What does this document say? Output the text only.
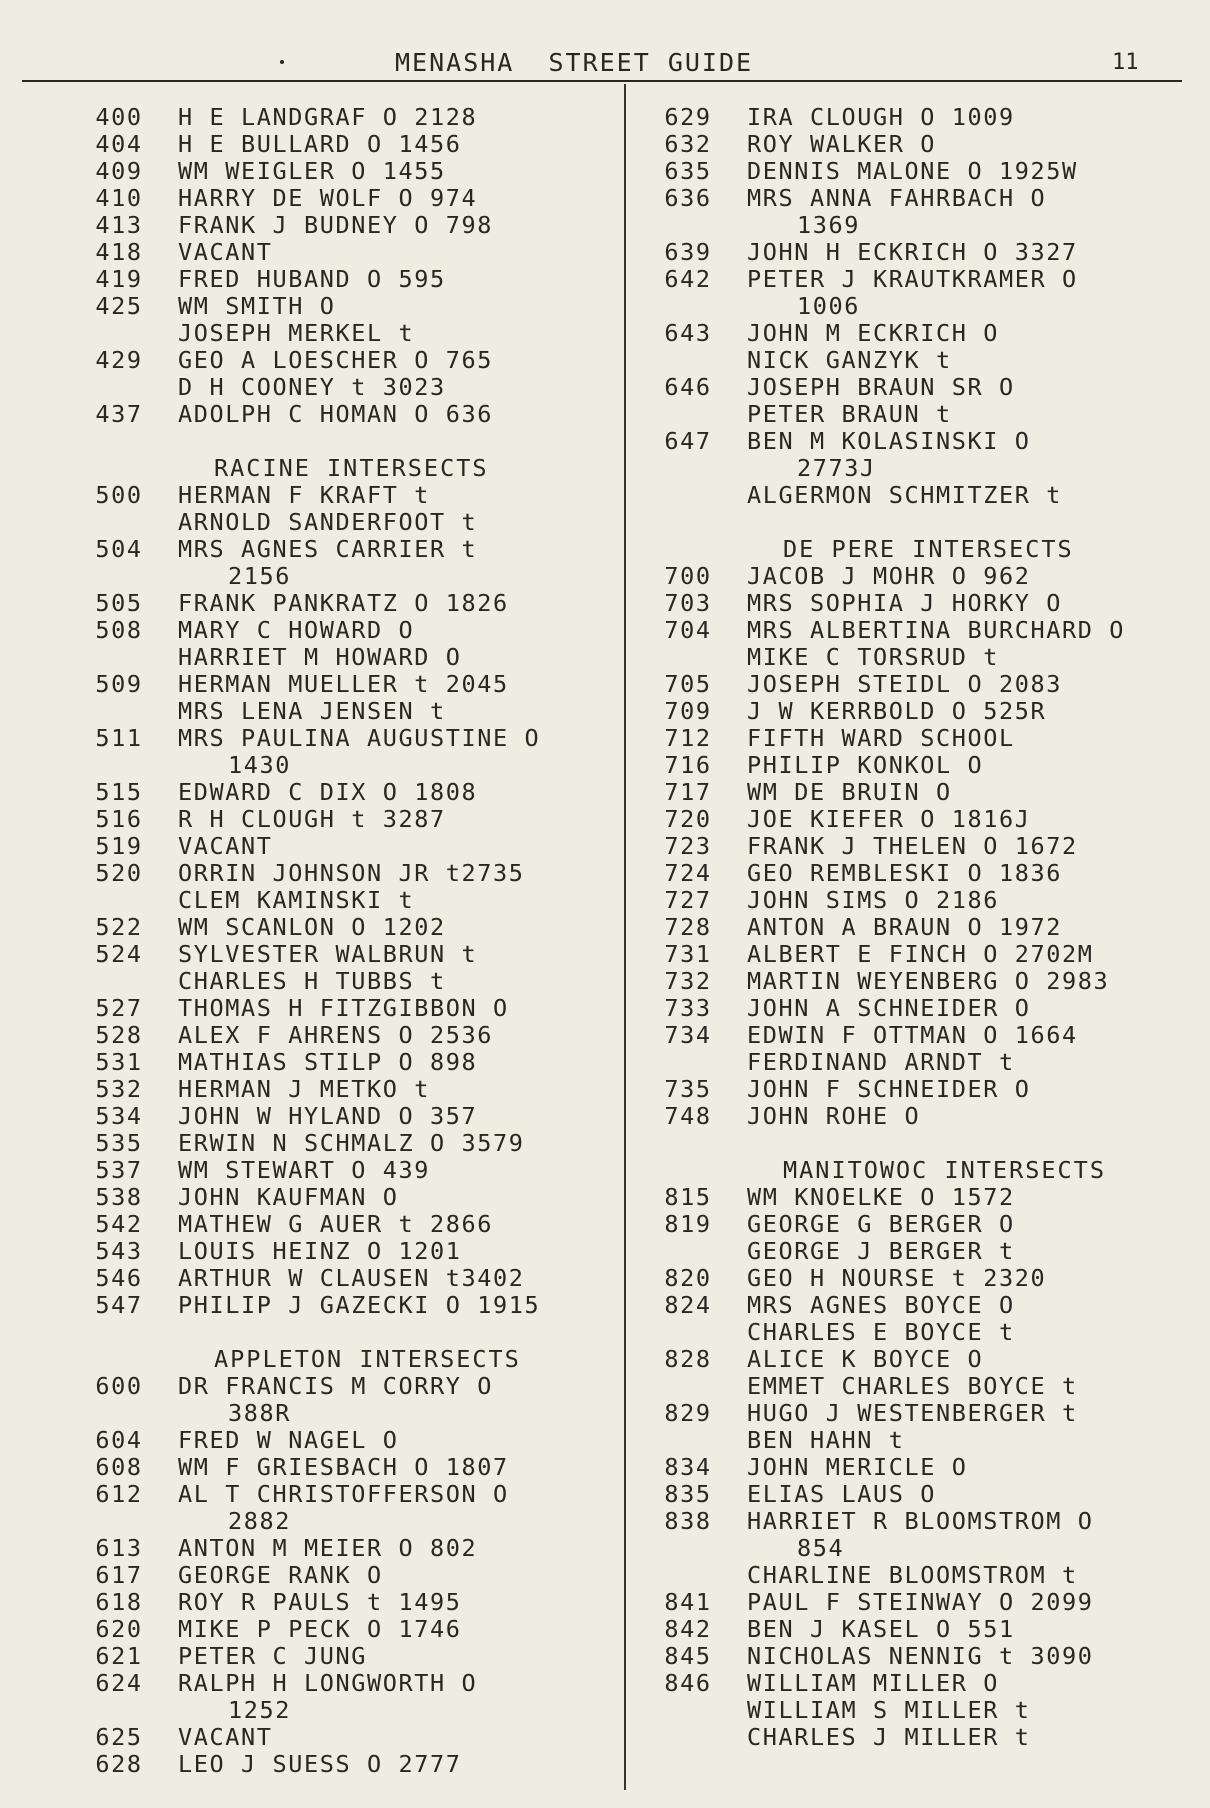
MENASHA  STREET GUIDE	11
400	H E LANDGRAF O 2128
404	H E BULLARD O 1456
409	WM WEIGLER O 1455
410	HARRY DE WOLF O 974
413	FRANK J BUDNEY O 798
418	VACANT
419	FRED HUBAND O 595
425	WM SMITH O
JOSEPH MERKEL t
429	GEO A LOESCHER O 765
D H COONEY t 3023
437	ADOLPH C HOMAN O 636
RACINE INTERSECTS
500	HERMAN F KRAFT t
ARNOLD SANDERFOOT t
504	MRS AGNES CARRIER t
2156
505	FRANK PANKRATZ O 1826
508	MARY C HOWARD O
HARRIET M HOWARD O
509	HERMAN MUELLER t 2045
MRS LENA JENSEN t
511	MRS PAULINA AUGUSTINE O
1430
515	EDWARD C DIX O 1808
516	R H CLOUGH t 3287
519	VACANT
520	ORRIN JOHNSON JR t2735
CLEM KAMINSKI t
522	WM SCANLON O 1202
524	SYLVESTER WALBRUN t
CHARLES H TUBBS t
527	THOMAS H FITZGIBBON O
528	ALEX F AHRENS O 2536
531	MATHIAS STILP O 898
532	HERMAN J METKO t
534	JOHN W HYLAND O 357
535	ERWIN N SCHMALZ O 3579
537	WM STEWART O 439
538	JOHN KAUFMAN O
542	MATHEW G AUER t 2866
543	LOUIS HEINZ O 1201
546	ARTHUR W CLAUSEN t3402
547	PHILIP J GAZECKI O 1915
APPLETON INTERSECTS
600	DR FRANCIS M CORRY O
388R
604	FRED W NAGEL O
608	WM F GRIESBACH O 1807
612	AL T CHRISTOFFERSON O
2882
613	ANTON M MEIER O 802
617	GEORGE RANK O
618	ROY R PAULS t 1495
620	MIKE P PECK O 1746
621	PETER C JUNG
624	RALPH H LONGWORTH O
1252
625	VACANT
628	LEO J SUESS O 2777
629	IRA CLOUGH O 1009
632	ROY WALKER O
635	DENNIS MALONE O 1925W
636	MRS ANNA FAHRBACH O
1369
639	JOHN H ECKRICH O 3327
642	PETER J KRAUTKRAMER O
1006
643	JOHN M ECKRICH O
NICK GANZYK t
646	JOSEPH BRAUN SR O
PETER BRAUN t
647	BEN M KOLASINSKI O
2773J
ALGERMON SCHMITZER t
DE PERE INTERSECTS
700	JACOB J MOHR O 962
703	MRS SOPHIA J HORKY O
704	MRS ALBERTINA BURCHARD O
MIKE C TORSRUD t
705	JOSEPH STEIDL O 2083
709	J W KERRBOLD O 525R
712	FIFTH WARD SCHOOL
716	PHILIP KONKOL O
717	WM DE BRUIN O
720	JOE KIEFER O 1816J
723	FRANK J THELEN O 1672
724	GEO REMBLESKI O 1836
727	JOHN SIMS O 2186
728	ANTON A BRAUN O 1972
731	ALBERT E FINCH O 2702M
732	MARTIN WEYENBERG O 2983
733	JOHN A SCHNEIDER O
734	EDWIN F OTTMAN O 1664
FERDINAND ARNDT t
735	JOHN F SCHNEIDER O
748	JOHN ROHE O
MANITOWOC INTERSECTS
815	WM KNOELKE O 1572
819	GEORGE G BERGER O
GEORGE J BERGER t
820	GEO H NOURSE t 2320
824	MRS AGNES BOYCE O
CHARLES E BOYCE t
828	ALICE K BOYCE O
EMMET CHARLES BOYCE t
829	HUGO J WESTENBERGER t
BEN HAHN t
834	JOHN MERICLE O
835	ELIAS LAUS O
838	HARRIET R BLOOMSTROM O
854
CHARLINE BLOOMSTROM t
841	PAUL F STEINWAY O 2099
842	BEN J KASEL O 551
845	NICHOLAS NENNIG t 3090
846	WILLIAM MILLER O
WILLIAM S MILLER t
CHARLES J MILLER t
